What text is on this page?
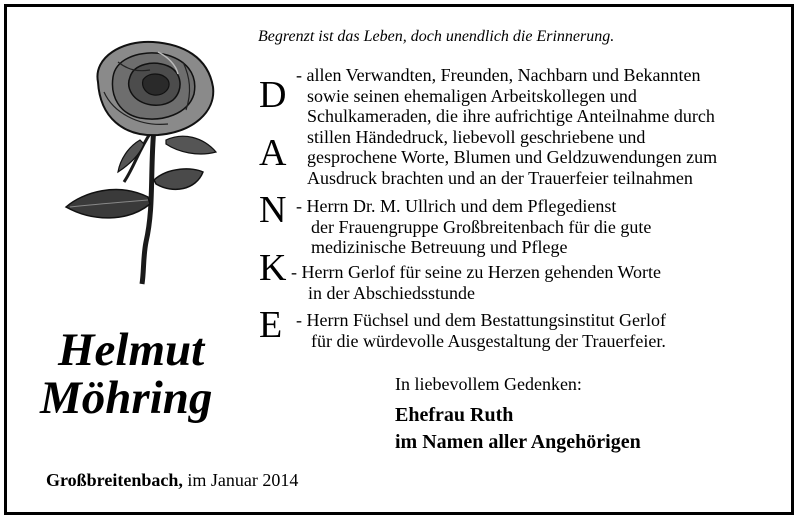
Begrenzt ist das Leben, doch unendlich die Erinnerung.
Helmut
Möhring
D
A
N
K
E
- allen Verwandten, Freunden, Nachbarn und Bekannten
sowie seinen ehemaligen Arbeitskollegen und
Schulkameraden, die ihre aufrichtige Anteilnahme durch
stillen Händedruck, liebevoll geschriebene und
gesprochene Worte, Blumen und Geldzuwendungen zum
Ausdruck brachten und an der Trauerfeier teilnahmen
- Herrn Dr. M. Ullrich und dem Pflegedienst
der Frauengruppe Großbreitenbach für die gute
medizinische Betreuung und Pflege
- Herrn Gerlof für seine zu Herzen gehenden Worte
in der Abschiedsstunde
- Herrn Füchsel und dem Bestattungsinstitut Gerlof
für die würdevolle Ausgestaltung der Trauerfeier.
In liebevollem Gedenken:
Ehefrau Ruth
im Namen aller Angehörigen
Großbreitenbach, im Januar 2014
